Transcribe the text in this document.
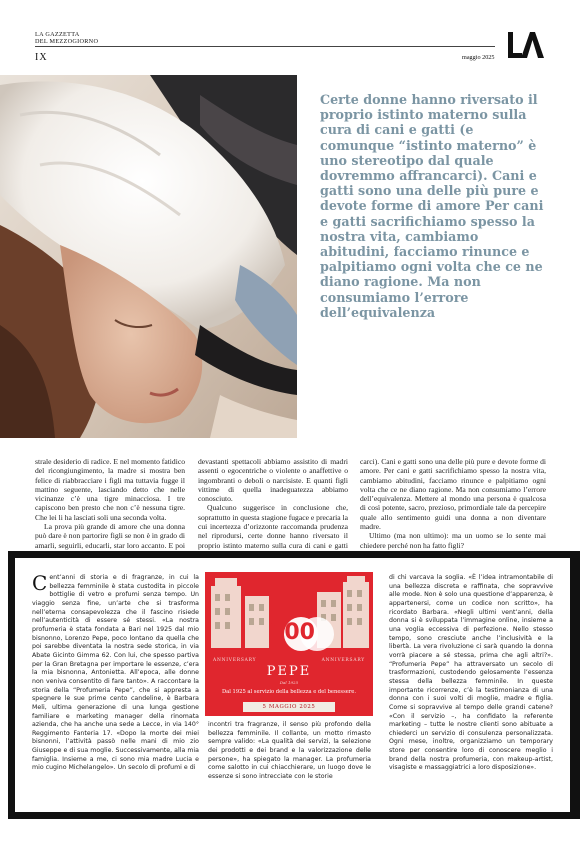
LA GAZZETTA
DEL MEZZOGIORNO
IX	maggio 2025
Certe donne hanno riversato il proprio istinto materno sulla cura di cani e gatti (e comunque “istinto materno” è uno stereotipo dal quale dovremmo affrancarci). Cani e gatti sono una delle più pure e devote forme di amore Per cani e gatti sacrifichiamo spesso la nostra vita, cambiamo abitudini, facciamo rinunce e palpitiamo ogni volta che ce ne diano ragione. Ma non consumiamo l’errore dell’equivalenza

strale desiderio di radice. E nel momento fatidico del ricongiungimento, la madre si mostra ben felice di riabbracciare i figli ma tuttavia fugge il mattino seguente, lasciando detto che nelle vicinanze c’è una tigre minacciosa. I tre capiscono ben presto che non c’è nessuna tigre. Che lei li ha lasciati soli una seconda volta.

La prova più grande di amore che una donna può dare è non partorire figli se non è in grado di amarli, seguirli, educarli, star loro accanto. E poi

devastanti spettacoli abbiamo assistito di madri assenti o egocentriche o violente o anaffettive o ingombranti o deboli o narcisiste. E quanti figli vittime di quella inadeguatezza abbiamo conosciuto.

Qualcuno suggerisce in conclusione che, soprattutto in questa stagione fugace e precaria la cui incertezza d’orizzonte raccomanda prudenza nel riprodursi, certe donne hanno riversato il proprio istinto materno sulla cura di cani e gatti

carci). Cani e gatti sono una delle più pure e devote forme di amore. Per cani e gatti sacrifichiamo spesso la nostra vita, cambiamo abitudini, facciamo rinunce e palpitiamo ogni volta che ce ne diano ragione. Ma non consumiamo l’errore dell’equivalenza. Mettere al mondo una persona è qualcosa di così potente, sacro, prezioso, primordiale tale da percepire quale allo sentimento guidi una donna a non diventare madre.

Ultimo (ma non ultimo): ma un uomo se lo sente mai chiedere perché non ha fatto figli?

Cent’anni di storia e di fragranze, in cui la bellezza femminile è stata custodita in piccole bottiglie di vetro e profumi senza tempo. Un viaggio senza fine, un’arte che si trasforma nell’eterna consapevolezza che il fascino risiede nell’autenticità di essere sé stessi. «La nostra profumeria è stata fondata a Bari nel 1925 dal mio bisnonno, Lorenzo Pepe, poco lontano da quella che poi sarebbe diventata la nostra sede storica, in via Abate Gicinto Gimma 62. Con lui, che spesso partiva per la Gran Bretagna per importare le essenze, c’era la mia bisnonna, Antonietta. All’epoca, alle donne non veniva consentito di fare tanto». A raccontare la storia della “Profumeria Pepe”, che si appresta a spegnere le sue prime cento candeline, è Barbara Meli, ultima generazione di una lunga gestione familiare e marketing manager della rinomata azienda, che ha anche una sede a Lecce, in via 140° Reggimento Fanteria 17. «Dopo la morte dei miei bisnonni, l’attività passò nelle mani di mio zio Giuseppe e di sua moglie. Successivamente, alla mia famiglia. Insieme a me, ci sono mia madre Lucia e mio cugino Michelangelo». Un secolo di profumi e di
100
ANNIVERSARY	ANNIVERSARY
PEPE
Dal 1925
Dal 1925 al servizio della bellezza e del benessere.
5 MAGGIO 2025
incontri tra fragranze, il senso più profondo della bellezza femminile. Il collante, un motto rimasto sempre valido: «La qualità dei servizi, la selezione dei prodotti e dei brand e la valorizzazione delle persone», ha spiegato la manager. La profumeria come salotto in cui chiacchierare, un luogo dove le essenze si sono intrecciate con le storie
di chi varcava la soglia. «È l’idea intramontabile di una bellezza discreta e raffinata, che sopravvive alle mode. Non è solo una questione d’apparenza, è appartenersi, come un codice non scritto», ha ricordato Barbara. «Negli ultimi vent’anni, della donna si è sviluppata l’immagine online, insieme a una voglia eccessiva di perfezione. Nello stesso tempo, sono cresciute anche l’inclusività e la libertà. La vera rivoluzione ci sarà quando la donna vorrà piacere a sé stessa, prima che agli altri?». “Profumeria Pepe” ha attraversato un secolo di trasformazioni, custodendo gelosamente l’essenza stessa della bellezza femminile. In queste importante ricorrenze, c’è la testimonianza di una donna con i suoi volti di moglie, madre e figlia. Come si sopravvive al tempo delle grandi catene? «Con il servizio –, ha confidato la referente marketing – tutte le nostre clienti sono abituate a chiederci un servizio di consulenza personalizzata. Ogni mese, inoltre, organizziamo un temporary store per consentire loro di conoscere meglio i brand della nostra profumeria, con makeup-artist, visagiste e massaggiatrici a loro disposizione».
